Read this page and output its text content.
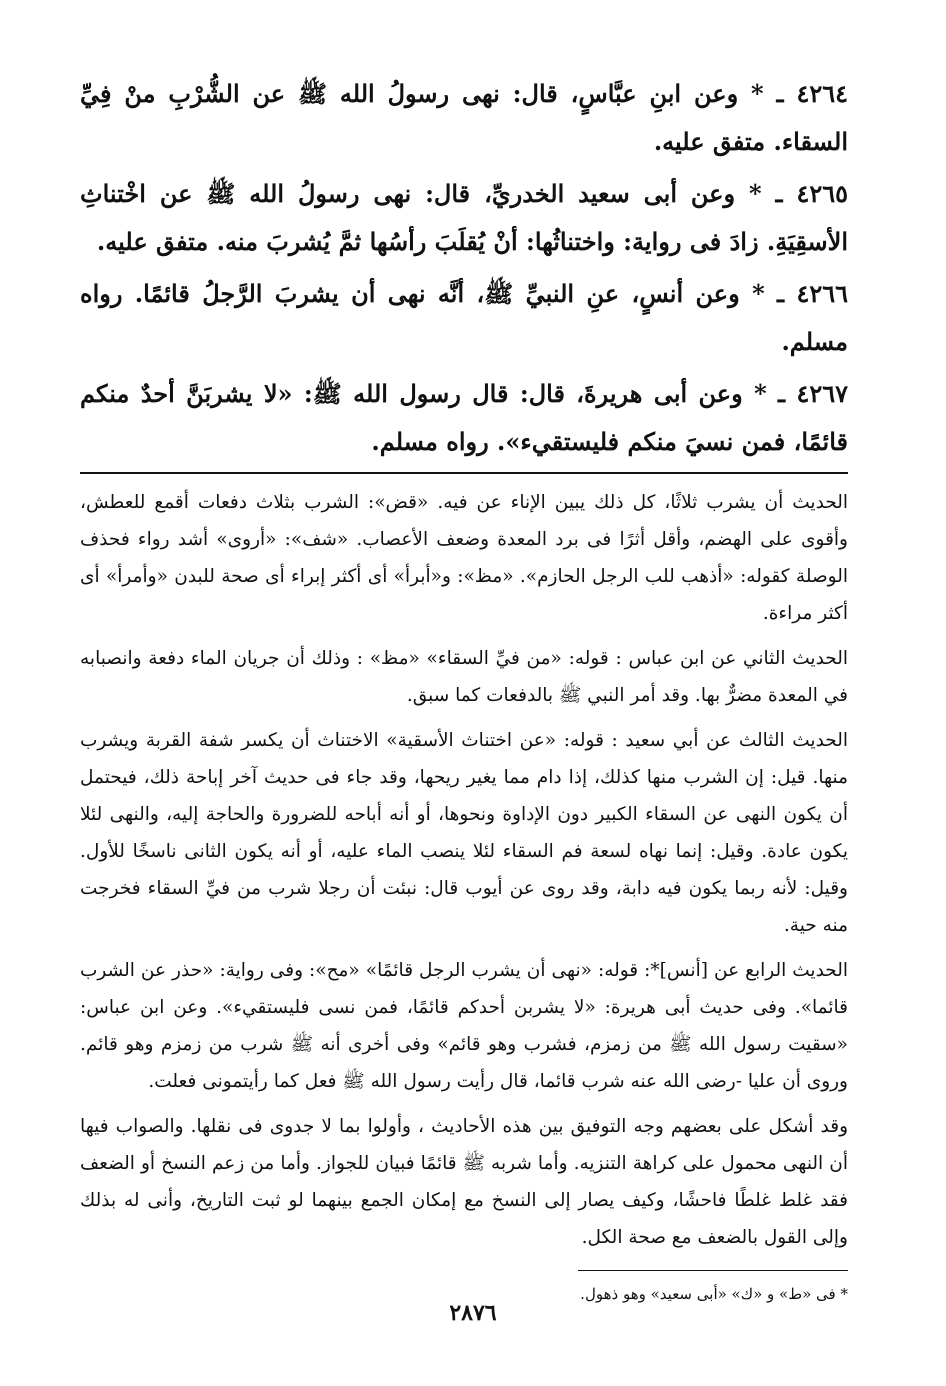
٤٢٦٤ ـ * وعن ابنِ عبَّاسٍ، قال: نهى رسولُ الله ﷺ عن الشُّرْبِ منْ فِيِّ السقاء. متفق عليه.

٤٢٦٥ ـ * وعن أبى سعيد الخدريِّ، قال: نهى رسولُ الله ﷺ عن اخْتناثِ الأسقِيَةِ. زادَ فى رواية: واختناثُها: أنْ يُقلَبَ رأسُها ثمَّ يُشربَ منه. متفق عليه.

٤٢٦٦ ـ * وعن أنسٍ، عنِ النبيِّ ﷺ، أنَّه نهى أن يشربَ الرَّجلُ قائمًا. رواه مسلم.

٤٢٦٧ ـ * وعن أبى هريرةَ، قال: قال رسول الله ﷺ: «لا يشربَنَّ أحدٌ منكم قائمًا، فمن نسيَ منكم فليستقيء». رواه مسلم.

الحديث أن يشرب ثلاثًا، كل ذلك يبين الإناء عن فيه. «قض»: الشرب بثلاث دفعات أقمع للعطش، وأقوى على الهضم، وأقل أثرًا فى برد المعدة وضعف الأعصاب. «شف»: «أروى» أشد رواء فحذف الوصلة كقوله: «أذهب للب الرجل الحازم». «مظ»: و«أبرأ» أى أكثر إبراء أى صحة للبدن «وأمرأ» أى أكثر مراءة.

الحديث الثاني عن ابن عباس : قوله: «من فيِّ السقاء» «مظ» : وذلك أن جريان الماء دفعة وانصبابه في المعدة مضرٌّ بها. وقد أمر النبي ﷺ بالدفعات كما سبق.

الحديث الثالث عن أبي سعيد : قوله: «عن اختناث الأسقية» الاختناث أن يكسر شفة القربة ويشرب منها. قيل: إن الشرب منها كذلك، إذا دام مما يغير ريحها، وقد جاء فى حديث آخر إباحة ذلك، فيحتمل أن يكون النهى عن السقاء الكبير دون الإداوة ونحوها، أو أنه أباحه للضرورة والحاجة إليه، والنهى لئلا يكون عادة. وقيل: إنما نهاه لسعة فم السقاء لئلا ينصب الماء عليه، أو أنه يكون الثانى ناسخًا للأول. وقيل: لأنه ربما يكون فيه دابة، وقد روى عن أيوب قال: نبئت أن رجلا شرب من فيِّ السقاء فخرجت منه حية.

الحديث الرابع عن [أنس]*: قوله: «نهى أن يشرب الرجل قائمًا» «مح»: وفى رواية: «حذر عن الشرب قائما». وفى حديث أبى هريرة: «لا يشربن أحدكم قائمًا، فمن نسى فليستقيء». وعن ابن عباس: «سقيت رسول الله ﷺ من زمزم، فشرب وهو قائم» وفى أخرى أنه ﷺ شرب من زمزم وهو قائم. وروى أن عليا -رضى الله عنه شرب قائما، قال رأيت رسول الله ﷺ فعل كما رأيتمونى فعلت.

وقد أشكل على بعضهم وجه التوفيق بين هذه الأحاديث ، وأولوا بما لا جدوى فى نقلها. والصواب فيها أن النهى محمول على كراهة التنزيه. وأما شربه ﷺ قائمًا فبيان للجواز. وأما من زعم النسخ أو الضعف فقد غلط غلطًا فاحشًا، وكيف يصار إلى النسخ مع إمكان الجمع بينهما لو ثبت التاريخ، وأنى له بذلك وإلى القول بالضعف مع صحة الكل.

* فى «ط» و «ك» «أبى سعيد» وهو ذهول.

٢٨٧٦
